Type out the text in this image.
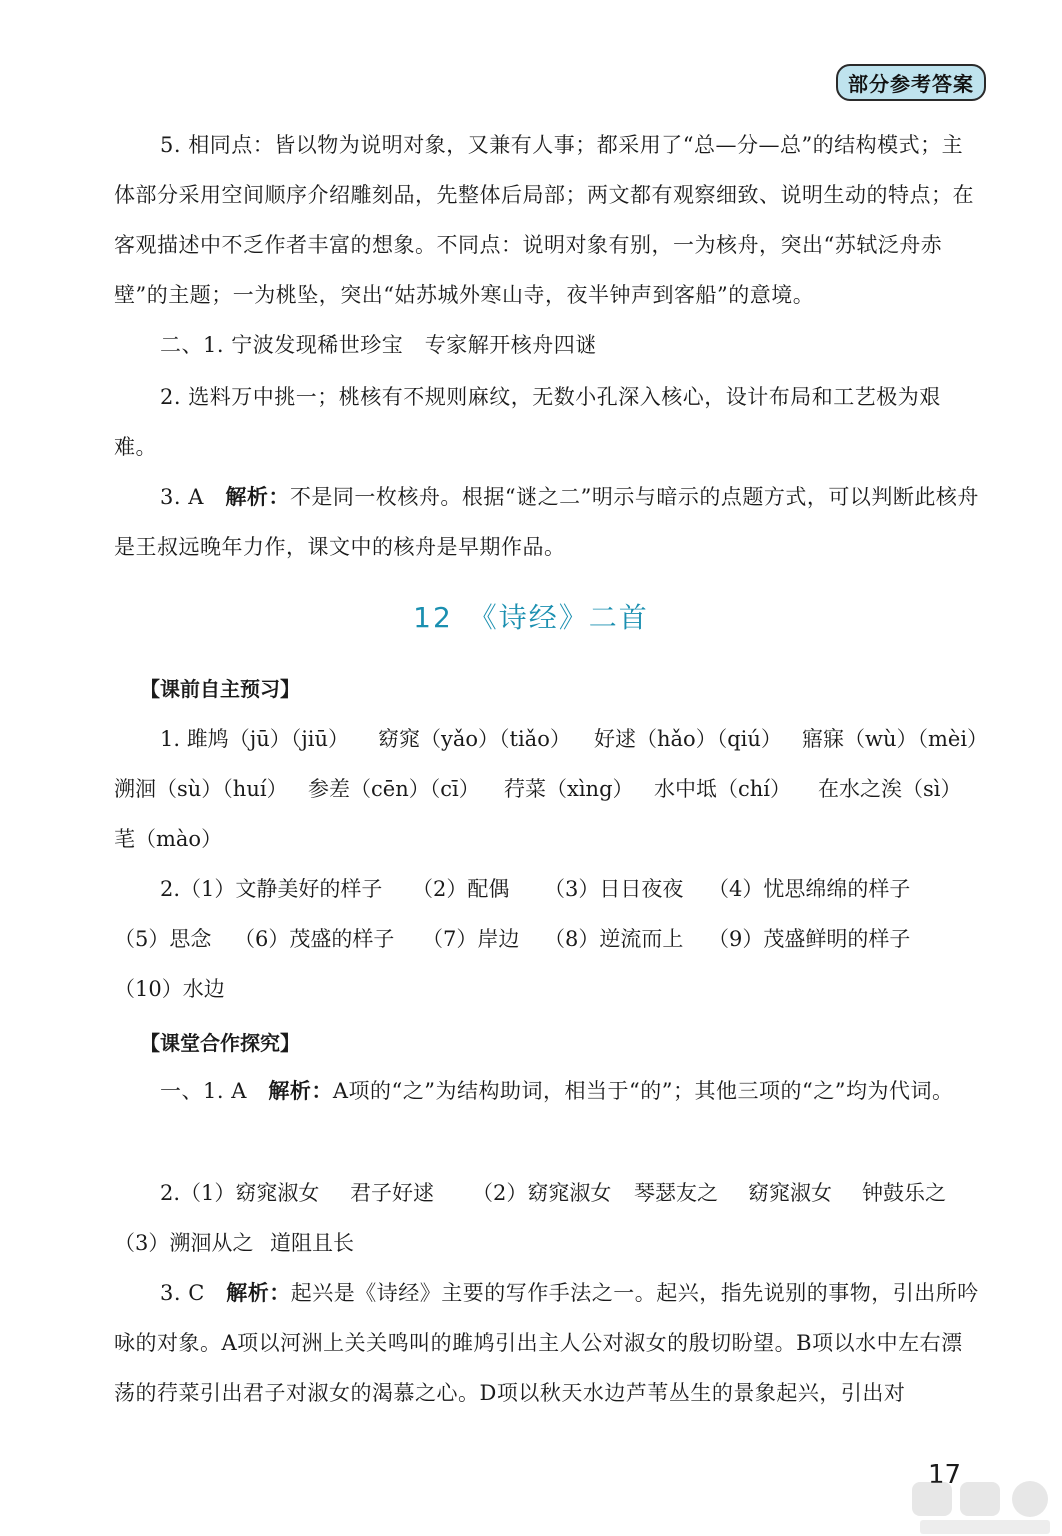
部分参考答案

5. 相同点：皆以物为说明对象，又兼有人事；都采用了“总—分—总”的结构模式；主体部分采用空间顺序介绍雕刻品，先整体后局部；两文都有观察细致、说明生动的特点；在客观描述中不乏作者丰富的想象。不同点：说明对象有别，一为核舟，突出“苏轼泛舟赤壁”的主题；一为桃坠，突出“姑苏城外寒山寺，夜半钟声到客船”的意境。

二、1. 宁波发现稀世珍宝　专家解开核舟四谜

2. 选料万中挑一；桃核有不规则麻纹，无数小孔深入核心，设计布局和工艺极为艰难。

3. A　解析：不是同一枚核舟。根据“谜之二”明示与暗示的点题方式，可以判断此核舟是王叔远晚年力作，课文中的核舟是早期作品。

12　《诗经》二首
【课前自主预习】
1. 雎鸠（jū）（jiū） 窈窕（yǎo）（tiǎo） 好逑（hǎo）（qiú） 寤寐（wù）（mèi）
溯洄（sù）（huí） 参差（cēn）（cī） 荇菜（xìng） 水中坻（chí） 在水之涘（sì）
芼（mào）
2.（1）文静美好的样子 （2）配偶 （3）日日夜夜 （4）忧思绵绵的样子
（5）思念 （6）茂盛的样子 （7）岸边 （8）逆流而上 （9）茂盛鲜明的样子
（10）水边
【课堂合作探究】

一、1. A　解析：A项的“之”为结构助词，相当于“的”；其他三项的“之”均为代词。

2.（1）窈窕淑女 君子好逑 （2）窈窕淑女 琴瑟友之 窈窕淑女 钟鼓乐之
（3）溯洄从之 道阻且长

3. C　解析：起兴是《诗经》主要的写作手法之一。起兴，指先说别的事物，引出所吟咏的对象。A项以河洲上关关鸣叫的雎鸠引出主人公对淑女的殷切盼望。B项以水中左右漂荡的荇菜引出君子对淑女的渴慕之心。D项以秋天水边芦苇丛生的景象起兴，引出对

17
